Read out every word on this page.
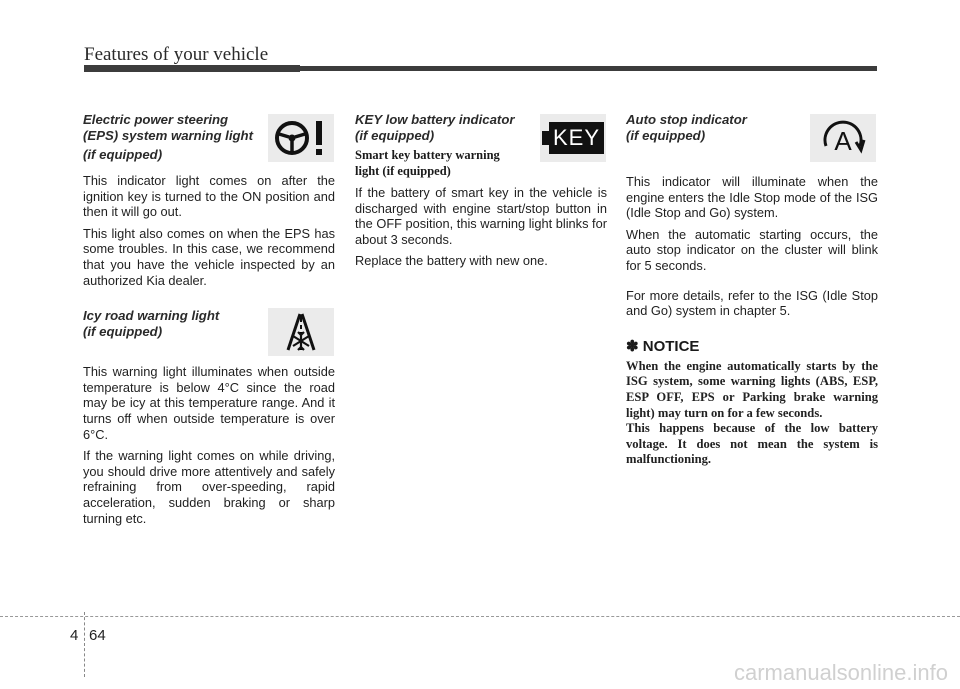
Features of your vehicle
Electric power steering
(EPS) system warning light
(if equipped)

This indicator light comes on after the ignition key is turned to the ON position and then it will go out.

This light also comes on when the EPS has some troubles. In this case, we recommend that you have the vehicle inspected by an authorized Kia dealer.

Icy road warning light
(if equipped)

This warning light illuminates when outside temperature is below 4°C since the road may be icy at this temperature range. And it turns off when outside temperature is over 6°C.

If the warning light comes on while driving, you should drive more attentively and safely refraining from over-speeding, rapid acceleration, sudden braking or sharp turning etc.

KEY low battery indicator
(if equipped)
Smart key battery warning
light (if equipped)

If the battery of smart key in the vehicle is discharged with engine start/stop button in the OFF position, this warning light blinks for about 3 seconds.

Replace the battery with new one.

KEY
Auto stop indicator
(if equipped)

This indicator will illuminate when the engine enters the Idle Stop mode of the ISG (Idle Stop and Go) system.

When the automatic starting occurs, the auto stop indicator on the cluster will blink for 5 seconds.

For more details, refer to the ISG (Idle Stop and Go) system in chapter 5.

✽ NOTICE

When the engine automatically starts by the ISG system, some warning lights (ABS, ESP, ESP OFF, EPS or Parking brake warning light) may turn on for a few seconds.

This happens because of the low battery voltage. It does not mean the system is malfunctioning.

A
4 64
carmanualsonline.info
